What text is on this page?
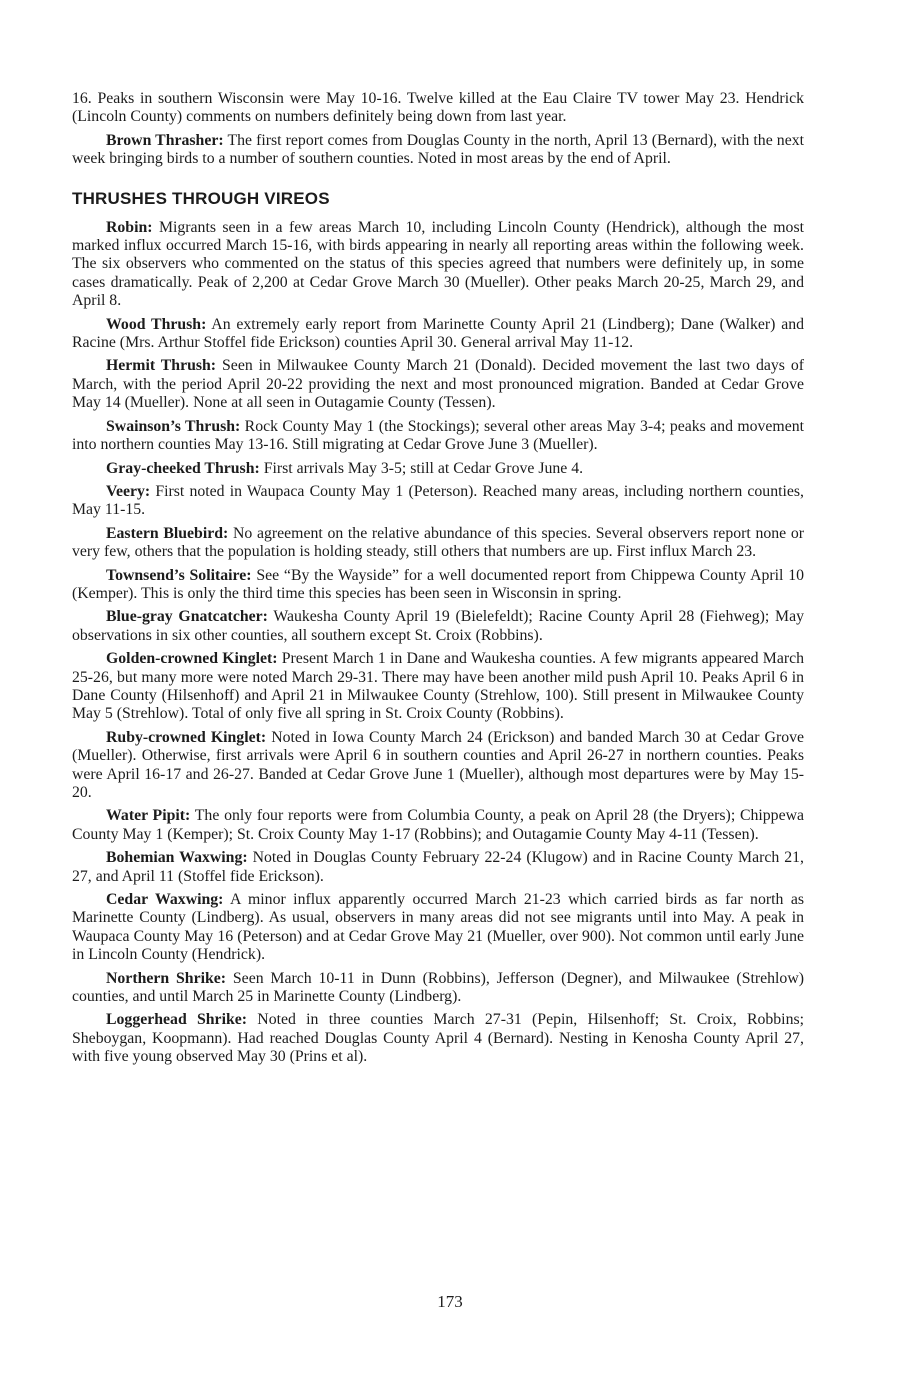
16. Peaks in southern Wisconsin were May 10-16. Twelve killed at the Eau Claire TV tower May 23. Hendrick (Lincoln County) comments on numbers definitely being down from last year.

Brown Thrasher: The first report comes from Douglas County in the north, April 13 (Bernard), with the next week bringing birds to a number of southern counties. Noted in most areas by the end of April.

THRUSHES THROUGH VIREOS

Robin: Migrants seen in a few areas March 10, including Lincoln County (Hendrick), although the most marked influx occurred March 15-16, with birds appearing in nearly all reporting areas within the following week. The six observers who commented on the status of this species agreed that numbers were definitely up, in some cases dramatically. Peak of 2,200 at Cedar Grove March 30 (Mueller). Other peaks March 20-25, March 29, and April 8.

Wood Thrush: An extremely early report from Marinette County April 21 (Lindberg); Dane (Walker) and Racine (Mrs. Arthur Stoffel fide Erickson) counties April 30. General arrival May 11-12.

Hermit Thrush: Seen in Milwaukee County March 21 (Donald). Decided movement the last two days of March, with the period April 20-22 providing the next and most pronounced migration. Banded at Cedar Grove May 14 (Mueller). None at all seen in Outagamie County (Tessen).

Swainson’s Thrush: Rock County May 1 (the Stockings); several other areas May 3-4; peaks and movement into northern counties May 13-16. Still migrating at Cedar Grove June 3 (Mueller).

Gray-cheeked Thrush: First arrivals May 3-5; still at Cedar Grove June 4.

Veery: First noted in Waupaca County May 1 (Peterson). Reached many areas, including northern counties, May 11-15.

Eastern Bluebird: No agreement on the relative abundance of this species. Several observers report none or very few, others that the population is holding steady, still others that numbers are up. First influx March 23.

Townsend’s Solitaire: See “By the Wayside” for a well documented report from Chippewa County April 10 (Kemper). This is only the third time this species has been seen in Wisconsin in spring.

Blue-gray Gnatcatcher: Waukesha County April 19 (Bielefeldt); Racine County April 28 (Fiehweg); May observations in six other counties, all southern except St. Croix (Robbins).

Golden-crowned Kinglet: Present March 1 in Dane and Waukesha counties. A few migrants appeared March 25-26, but many more were noted March 29-31. There may have been another mild push April 10. Peaks April 6 in Dane County (Hilsenhoff) and April 21 in Milwaukee County (Strehlow, 100). Still present in Milwaukee County May 5 (Strehlow). Total of only five all spring in St. Croix County (Robbins).

Ruby-crowned Kinglet: Noted in Iowa County March 24 (Erickson) and banded March 30 at Cedar Grove (Mueller). Otherwise, first arrivals were April 6 in southern counties and April 26-27 in northern counties. Peaks were April 16-17 and 26-27. Banded at Cedar Grove June 1 (Mueller), although most departures were by May 15-20.

Water Pipit: The only four reports were from Columbia County, a peak on April 28 (the Dryers); Chippewa County May 1 (Kemper); St. Croix County May 1-17 (Robbins); and Outagamie County May 4-11 (Tessen).

Bohemian Waxwing: Noted in Douglas County February 22-24 (Klugow) and in Racine County March 21, 27, and April 11 (Stoffel fide Erickson).

Cedar Waxwing: A minor influx apparently occurred March 21-23 which carried birds as far north as Marinette County (Lindberg). As usual, observers in many areas did not see migrants until into May. A peak in Waupaca County May 16 (Peterson) and at Cedar Grove May 21 (Mueller, over 900). Not common until early June in Lincoln County (Hendrick).

Northern Shrike: Seen March 10-11 in Dunn (Robbins), Jefferson (Degner), and Milwaukee (Strehlow) counties, and until March 25 in Marinette County (Lindberg).

Loggerhead Shrike: Noted in three counties March 27-31 (Pepin, Hilsenhoff; St. Croix, Robbins; Sheboygan, Koopmann). Had reached Douglas County April 4 (Bernard). Nesting in Kenosha County April 27, with five young observed May 30 (Prins et al).

173
